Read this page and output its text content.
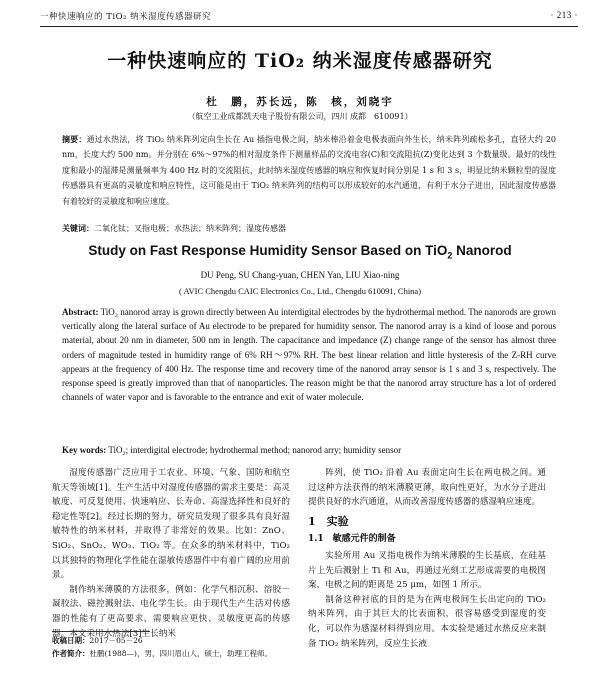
一种快速响应的 TiO₂ 纳米湿度传感器研究	· 213 ·
一种快速响应的 TiO₂ 纳米湿度传感器研究
杜　鹏，苏长远，陈　核，刘晓宇
（航空工业成都凯天电子股份有限公司，四川 成都　610091）
摘要：通过水热法，将 TiO₂ 纳米阵列定向生长在 Au 插指电极之间，纳米棒沿着金电极表面向外生长，纳米阵列疏松多孔，直径大约 20 nm，长度大约 500 nm。并分别在 6%～97%的相对湿度条件下测量样品的交流电容(C)和交流阻抗(Z)变化达到 3 个数量级。最好的线性度和最小的湿滞是测量频率为 400 Hz 时的交流阻抗，此时纳米湿度传感器的响应和恢复时间分别是 1 s 和 3 s，明显比纳米颗粒型的湿度传感器具有更高的灵敏度和响应特性，这可能是由于 TiO₂ 纳米阵列的结构可以形成较好的水汽通道，有利于水分子进出，因此湿度传感器有着较好的灵敏度和响应速度。
关键词：二氧化钛；叉指电极；水热法；纳米阵列；湿度传感器
Study on Fast Response Humidity Sensor Based on TiO$_2$ Nanorod
DU Peng, SU Chang-yuan, CHEN Yan, LIU Xiao-ning
( AVIC Chengdu CAIC Electronics Co., Ltd., Chengdu 610091, China)
Abstract: TiO₂ nanorod array is grown directly between Au interdigital electrodes by the hydrothermal method. The nanorods are grown vertically along the lateral surface of Au electrode to be prepared for humidity sensor. The nanorod array is a kind of loose and porous material, about 20 nm in diameter, 500 nm in length. The capacitance and impedance (Z) change range of the sensor has almost three orders of magnitude tested in humidity range of 6% RH～97% RH. The best linear relation and little hysteresis of the Z-RH curve appears at the frequency of 400 Hz. The response time and recovery time of the nanorod array sensor is 1 s and 3 s, respectively. The response speed is greatly improved than that of nanoparticles. The reason might be that the nanorod array structure has a lot of ordered channels of water vapor and is favorable to the entrance and exit of water molecule.
Key words: TiO₂; interdigital electrode; hydrothermal method; nanorod arry; humidity sensor

湿度传感器广泛应用于工农业、环境、气象、国防和航空航天等领域[1]。生产生活中对湿度传感器的需求主要是：高灵敏度、可反复使用、快速响应、长寿命、高湿选择性和良好的稳定性等[2]。经过长期的努力，研究员发现了很多具有良好湿敏特性的纳米材料，并取得了非常好的效果。比如：ZnO、SiO₂、SnO₂、WO₃、TiO₂ 等。在众多的纳米材料中，TiO₂ 以其独特的物理化学性能在湿敏传感器件中有着广阔的应用前景。

制作纳米薄膜的方法很多，例如：化学气相沉积、溶胶－凝胶法、磁控溅射法、电化学生长。由于现代生产生活对传感器的性能有了更高要求，需要响应更快、灵敏度更高的传感器。本文采用水热法[3]生长纳米

收稿日期：2017－05－26
作者简介：杜鹏(1988—)，男，四川眉山人，硕士，助理工程师。

阵列，使 TiO₂ 沿着 Au 表面定向生长在两电极之间。通过这种方法获得的纳米薄膜更薄，取向性更好，为水分子进出提供良好的水汽通道，从而改善湿度传感器的感湿响应速度。

1　实验
1.1　敏感元件的制备

实验所用 Au 叉指电极作为纳米薄膜的生长基底，在硅基片上先后溅射上 Ti 和 Au，再通过光刻工艺形成需要的电极图案，电极之间的距离是 25 μm，如图 1 所示。

制备这种衬底的目的是为在两电极间生长出定向的 TiO₂ 纳米阵列，由于其巨大的比表面积，很容易感受到湿度的变化，可以作为感湿材料得到应用。本实验是通过水热反应来制备 TiO₂ 纳米阵列，反应生长液
